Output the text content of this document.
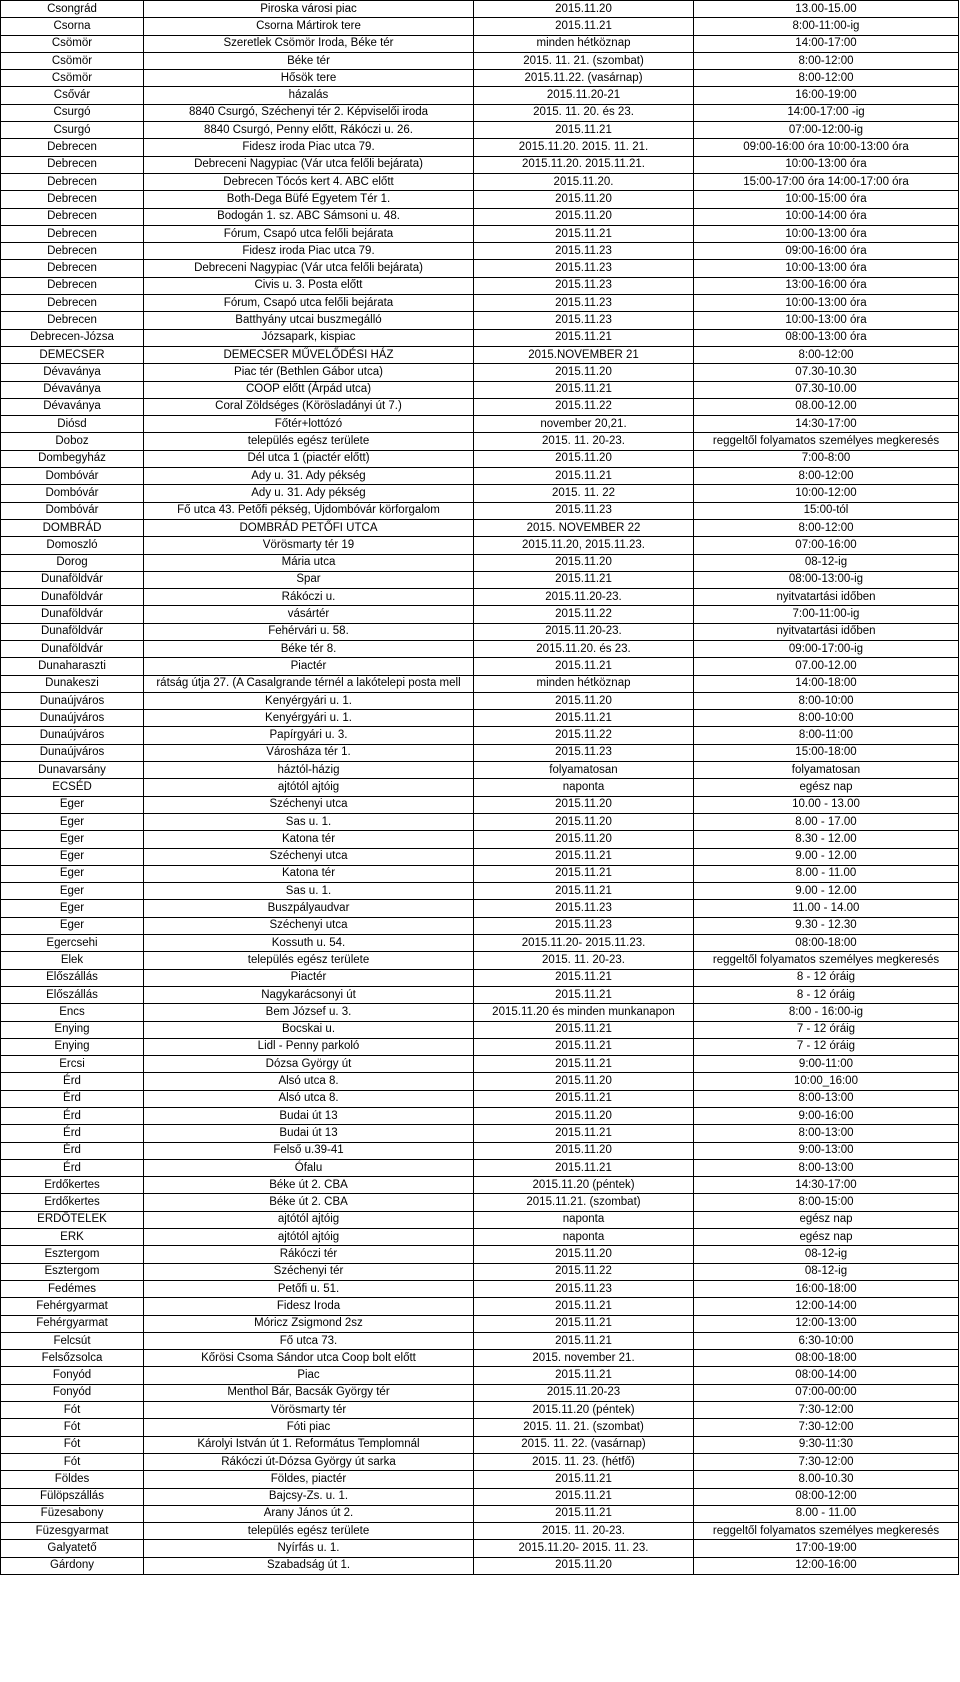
Csongrád	Piroska városi piac	2015.11.20	13.00-15.00
Csorna	Csorna Mártirok tere	2015.11.21	8:00-11:00-ig
Csömör	Szeretlek Csömör Iroda, Béke tér	minden hétköznap	14:00-17:00
Csömör	Béke tér	2015. 11. 21. (szombat)	8:00-12:00
Csömör	Hősök tere	2015.11.22. (vasárnap)	8:00-12:00
Csővár	házalás	2015.11.20-21	16:00-19:00
Csurgó	8840 Csurgó, Széchenyi tér 2. Képviselői iroda	2015. 11. 20. és 23.	14:00-17:00 -ig
Csurgó	8840 Csurgó, Penny előtt, Rákóczi u. 26.	2015.11.21	07:00-12:00-ig
Debrecen	Fidesz iroda Piac utca 79.	2015.11.20. 2015. 11. 21.	09:00-16:00 óra 10:00-13:00 óra
Debrecen	Debreceni Nagypiac (Vár utca felőli bejárata)	2015.11.20. 2015.11.21.	10:00-13:00 óra
Debrecen	Debrecen Tócós kert 4. ABC előtt	2015.11.20.	15:00-17:00 óra 14:00-17:00 óra
Debrecen	Both-Dega Büfé Egyetem Tér 1.	2015.11.20	10:00-15:00 óra
Debrecen	Bodogán 1. sz. ABC Sámsoni u. 48.	2015.11.20	10:00-14:00 óra
Debrecen	Fórum, Csapó utca felőli bejárata	2015.11.21	10:00-13:00 óra
Debrecen	Fidesz iroda Piac utca 79.	2015.11.23	09:00-16:00 óra
Debrecen	Debreceni Nagypiac (Vár utca felőli bejárata)	2015.11.23	10:00-13:00 óra
Debrecen	Civis u. 3. Posta előtt	2015.11.23	13:00-16:00 óra
Debrecen	Fórum, Csapó utca felőli bejárata	2015.11.23	10:00-13:00 óra
Debrecen	Batthyány utcai buszmegálló	2015.11.23	10:00-13:00 óra
Debrecen-Józsa	Józsapark, kispiac	2015.11.21	08:00-13:00 óra
DEMECSER	DEMECSER MŰVELŐDÉSI HÁZ	2015.NOVEMBER 21	8:00-12:00
Dévaványa	Piac tér (Bethlen Gábor utca)	2015.11.20	07.30-10.30
Dévaványa	COOP előtt (Árpád utca)	2015.11.21	07.30-10.00
Dévaványa	Coral Zöldséges (Körösladányi út 7.)	2015.11.22	08.00-12.00
Diósd	Főtér+lottózó	november 20,21.	14:30-17:00
Doboz	település egész területe	2015. 11. 20-23.	reggeltől folyamatos személyes megkeresés
Dombegyház	Dél utca 1 (piactér előtt)	2015.11.20	7:00-8:00
Dombóvár	Ady u. 31. Ady pékség	2015.11.21	8:00-12:00
Dombóvár	Ady u. 31. Ady pékség	2015. 11. 22	10:00-12:00
Dombóvár	Fő utca 43. Petőfi pékség, Újdombóvár körforgalom	2015.11.23	15:00-tól
DOMBRÁD	DOMBRÁD PETŐFI UTCA	2015. NOVEMBER 22	8:00-12:00
Domoszló	Vörösmarty tér 19	2015.11.20, 2015.11.23.	07:00-16:00
Dorog	Mária utca	2015.11.20	08-12-ig
Dunaföldvár	Spar	2015.11.21	08:00-13:00-ig
Dunaföldvár	Rákóczi u.	2015.11.20-23.	nyitvatartási időben
Dunaföldvár	vásártér	2015.11.22	7:00-11:00-ig
Dunaföldvár	Fehérvári u. 58.	2015.11.20-23.	nyitvatartási időben
Dunaföldvár	Béke tér 8.	2015.11.20. és 23.	09:00-17:00-ig
Dunaharaszti	Piactér	2015.11.21	07.00-12.00
Dunakeszi	rátság útja 27. (A Casalgrande térnél a lakótelepi posta mell	minden hétköznap	14:00-18:00
Dunaújváros	Kenyérgyári u. 1.	2015.11.20	8:00-10:00
Dunaújváros	Kenyérgyári u. 1.	2015.11.21	8:00-10:00
Dunaújváros	Papírgyári u. 3.	2015.11.22	8:00-11:00
Dunaújváros	Városháza tér 1.	2015.11.23	15:00-18:00
Dunavarsány	háztól-házig	folyamatosan	folyamatosan
ECSÉD	ajtótól ajtóig	naponta	egész nap
Eger	Széchenyi utca	2015.11.20	10.00 - 13.00
Eger	Sas u. 1.	2015.11.20	8.00 - 17.00
Eger	Katona tér	2015.11.20	8.30 - 12.00
Eger	Széchenyi utca	2015.11.21	9.00 - 12.00
Eger	Katona tér	2015.11.21	8.00 - 11.00
Eger	Sas u. 1.	2015.11.21	9.00 - 12.00
Eger	Buszpályaudvar	2015.11.23	11.00 - 14.00
Eger	Széchenyi utca	2015.11.23	9.30 - 12.30
Egercsehi	Kossuth u. 54.	2015.11.20- 2015.11.23.	08:00-18:00
Elek	település egész területe	2015. 11. 20-23.	reggeltől folyamatos személyes megkeresés
Előszállás	Piactér	2015.11.21	8 - 12 óráig
Előszállás	Nagykarácsonyi út	2015.11.21	8 - 12 óráig
Encs	Bem József u. 3.	2015.11.20 és minden munkanapon	8:00 - 16:00-ig
Enying	Bocskai u.	2015.11.21	7 - 12 óráig
Enying	Lidl - Penny parkoló	2015.11.21	7 - 12 óráig
Ercsi	Dózsa György út	2015.11.21	9:00-11:00
Érd	Alsó utca 8.	2015.11.20	10:00_16:00
Érd	Alsó utca 8.	2015.11.21	8:00-13:00
Érd	Budai út 13	2015.11.20	9:00-16:00
Érd	Budai út 13	2015.11.21	8:00-13:00
Érd	Felső u.39-41	2015.11.20	9:00-13:00
Érd	Ófalu	2015.11.21	8:00-13:00
Erdőkertes	Béke út 2. CBA	2015.11.20 (péntek)	14:30-17:00
Erdőkertes	Béke út 2. CBA	2015.11.21. (szombat)	8:00-15:00
ERDŐTELEK	ajtótól ajtóig	naponta	egész nap
ERK	ajtótól ajtóig	naponta	egész nap
Esztergom	Rákóczi tér	2015.11.20	08-12-ig
Esztergom	Széchenyi tér	2015.11.22	08-12-ig
Fedémes	Petőfi u. 51.	2015.11.23	16:00-18:00
Fehérgyarmat	Fidesz Iroda	2015.11.21	12:00-14:00
Fehérgyarmat	Móricz Zsigmond 2sz	2015.11.21	12:00-13:00
Felcsút	Fő utca 73.	2015.11.21	6:30-10:00
Felsőzsolca	Kőrösi Csoma Sándor utca Coop bolt előtt	2015. november 21.	08:00-18:00
Fonyód	Piac	2015.11.21	08:00-14:00
Fonyód	Menthol Bár, Bacsák György tér	2015.11.20-23	07:00-00:00
Fót	Vörösmarty tér	2015.11.20 (péntek)	7:30-12:00
Fót	Fóti piac	2015. 11. 21. (szombat)	7:30-12:00
Fót	Károlyi István út 1. Református Templomnál	2015. 11. 22. (vasárnap)	9:30-11:30
Fót	Rákóczi út-Dózsa György út sarka	2015. 11. 23. (hétfő)	7:30-12:00
Földes	Földes, piactér	2015.11.21	8.00-10.30
Fülöpszállás	Bajcsy-Zs. u. 1.	2015.11.21	08:00-12:00
Füzesabony	Arany János út 2.	2015.11.21	8.00 - 11.00
Füzesgyarmat	település egész területe	2015. 11. 20-23.	reggeltől folyamatos személyes megkeresés
Galyatető	Nyírfás u. 1.	2015.11.20- 2015. 11. 23.	17:00-19:00
Gárdony	Szabadság út 1.	2015.11.20	12:00-16:00
